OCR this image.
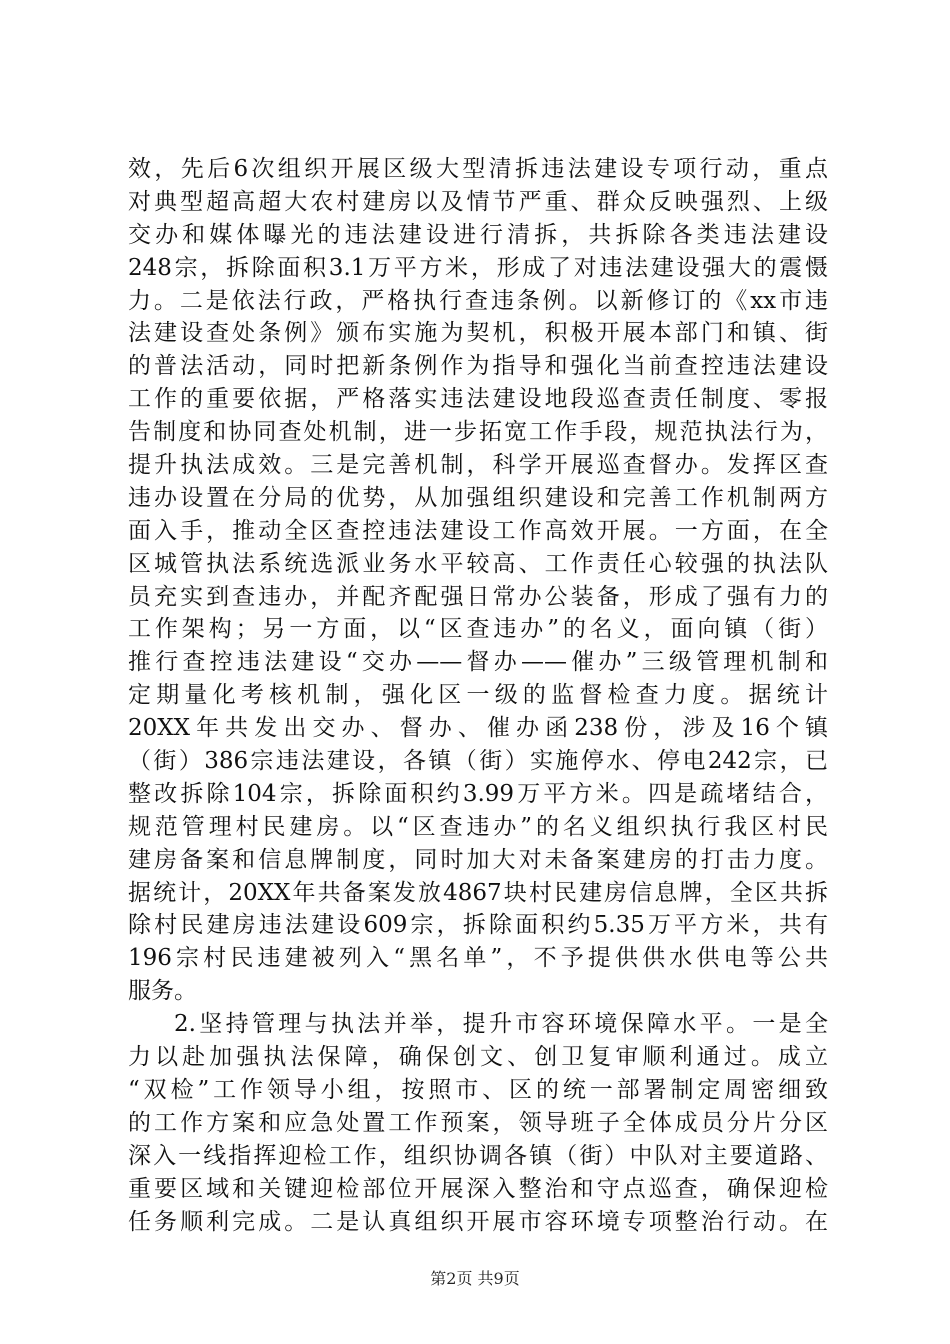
效，先后6次组织开展区级大型清拆违法建设专项行动，重点
对典型超高超大农村建房以及情节严重、群众反映强烈、上级
交办和媒体曝光的违法建设进行清拆，共拆除各类违法建设
248宗，拆除面积3.1万平方米，形成了对违法建设强大的震慑
力。二是依法行政，严格执行查违条例。以新修订的《xx市违
法建设查处条例》颁布实施为契机，积极开展本部门和镇、街
的普法活动，同时把新条例作为指导和强化当前查控违法建设
工作的重要依据，严格落实违法建设地段巡查责任制度、零报
告制度和协同查处机制，进一步拓宽工作手段，规范执法行为，
提升执法成效。三是完善机制，科学开展巡查督办。发挥区查
违办设置在分局的优势，从加强组织建设和完善工作机制两方
面入手，推动全区查控违法建设工作高效开展。一方面，在全
区城管执法系统选派业务水平较高、工作责任心较强的执法队
员充实到查违办，并配齐配强日常办公装备，形成了强有力的
工作架构；另一方面，以“区查违办”的名义，面向镇（街）
推行查控违法建设“交办——督办——催办”三级管理机制和
定期量化考核机制，强化区一级的监督检查力度。据统计
20XX年共发出交办、督办、催办函238份，涉及16个镇
（街）386宗违法建设，各镇（街）实施停水、停电242宗，已
整改拆除104宗，拆除面积约3.99万平方米。四是疏堵结合，
规范管理村民建房。以“区查违办”的名义组织执行我区村民
建房备案和信息牌制度，同时加大对未备案建房的打击力度。
据统计，20XX年共备案发放4867块村民建房信息牌，全区共拆
除村民建房违法建设609宗，拆除面积约5.35万平方米，共有
196宗村民违建被列入“黑名单”，不予提供供水供电等公共
服务。
2.坚持管理与执法并举，提升市容环境保障水平。一是全
力以赴加强执法保障，确保创文、创卫复审顺利通过。成立
“双检”工作领导小组，按照市、区的统一部署制定周密细致
的工作方案和应急处置工作预案，领导班子全体成员分片分区
深入一线指挥迎检工作，组织协调各镇（街）中队对主要道路、
重要区域和关键迎检部位开展深入整治和守点巡查，确保迎检
任务顺利完成。二是认真组织开展市容环境专项整治行动。在
第2页 共9页
